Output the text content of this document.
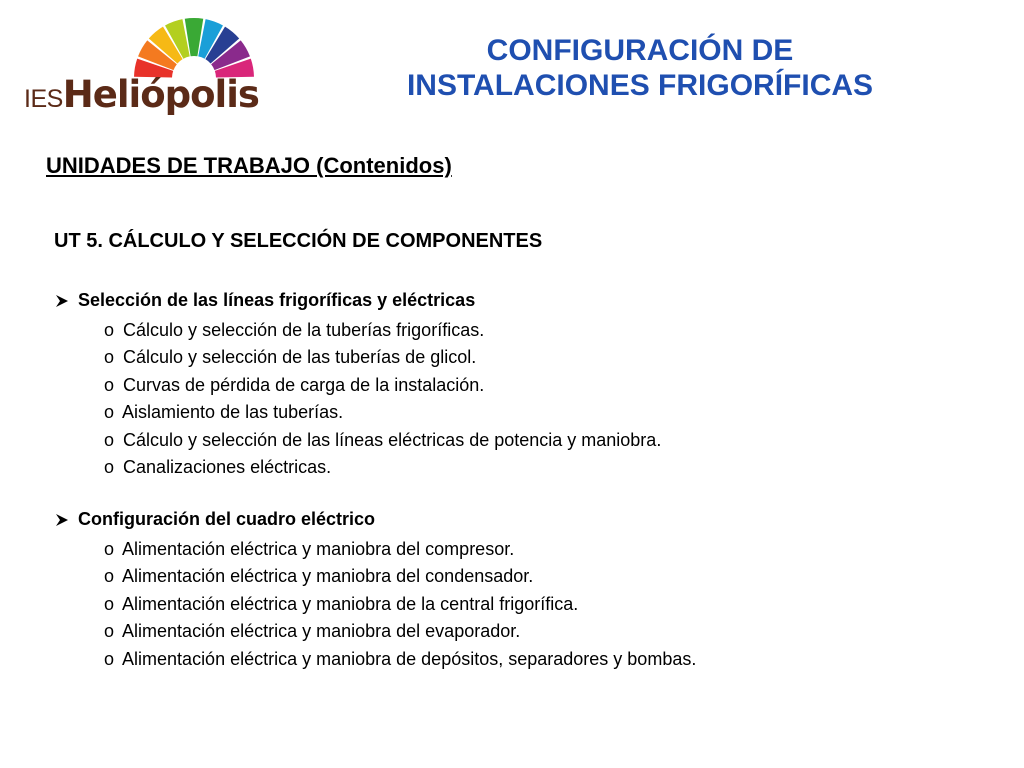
IESHeliópolis
CONFIGURACIÓN DE
INSTALACIONES FRIGORÍFICAS
UNIDADES DE TRABAJO (Contenidos)
UT 5. CÁLCULO Y SELECCIÓN DE COMPONENTES
Selección de las líneas frigoríficas y eléctricas
o Cálculo y selección de la tuberías frigoríficas.
o Cálculo y selección de las tuberías de glicol.
o Curvas de pérdida de carga de la instalación.
o Aislamiento de las tuberías.
o Cálculo y selección de las líneas eléctricas de potencia y maniobra.
o Canalizaciones eléctricas.
Configuración del cuadro eléctrico
o Alimentación eléctrica y maniobra del compresor.
o Alimentación eléctrica y maniobra del condensador.
o Alimentación eléctrica y maniobra de la central frigorífica.
o Alimentación eléctrica y maniobra del evaporador.
o Alimentación eléctrica y maniobra de depósitos, separadores y bombas.
